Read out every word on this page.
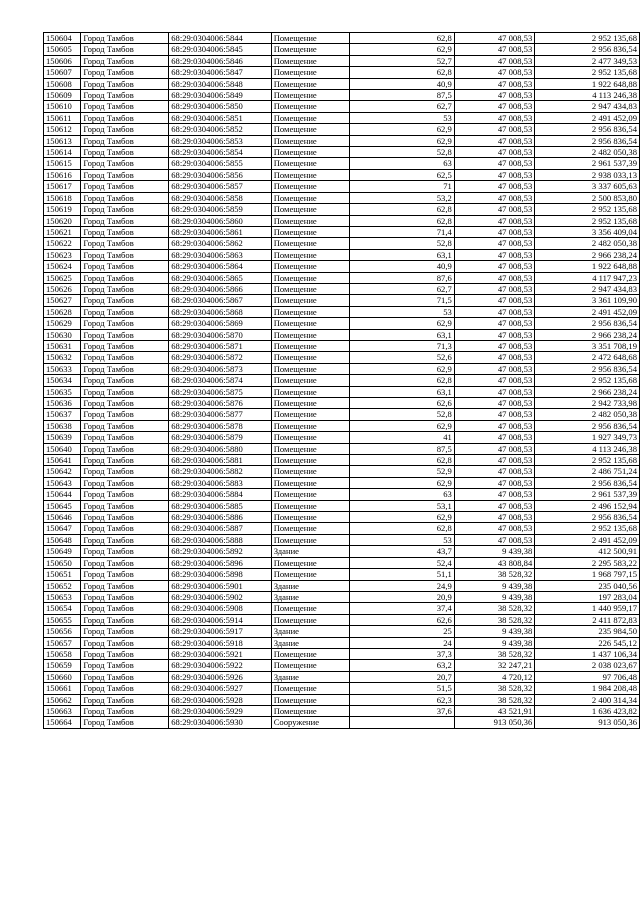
150604	Город Тамбов	68:29:0304006:5844	Помещение	62,8	47 008,53	2 952 135,68
150605	Город Тамбов	68:29:0304006:5845	Помещение	62,9	47 008,53	2 956 836,54
150606	Город Тамбов	68:29:0304006:5846	Помещение	52,7	47 008,53	2 477 349,53
150607	Город Тамбов	68:29:0304006:5847	Помещение	62,8	47 008,53	2 952 135,68
150608	Город Тамбов	68:29:0304006:5848	Помещение	40,9	47 008,53	1 922 648,88
150609	Город Тамбов	68:29:0304006:5849	Помещение	87,5	47 008,53	4 113 246,38
150610	Город Тамбов	68:29:0304006:5850	Помещение	62,7	47 008,53	2 947 434,83
150611	Город Тамбов	68:29:0304006:5851	Помещение	53	47 008,53	2 491 452,09
150612	Город Тамбов	68:29:0304006:5852	Помещение	62,9	47 008,53	2 956 836,54
150613	Город Тамбов	68:29:0304006:5853	Помещение	62,9	47 008,53	2 956 836,54
150614	Город Тамбов	68:29:0304006:5854	Помещение	52,8	47 008,53	2 482 050,38
150615	Город Тамбов	68:29:0304006:5855	Помещение	63	47 008,53	2 961 537,39
150616	Город Тамбов	68:29:0304006:5856	Помещение	62,5	47 008,53	2 938 033,13
150617	Город Тамбов	68:29:0304006:5857	Помещение	71	47 008,53	3 337 605,63
150618	Город Тамбов	68:29:0304006:5858	Помещение	53,2	47 008,53	2 500 853,80
150619	Город Тамбов	68:29:0304006:5859	Помещение	62,8	47 008,53	2 952 135,68
150620	Город Тамбов	68:29:0304006:5860	Помещение	62,8	47 008,53	2 952 135,68
150621	Город Тамбов	68:29:0304006:5861	Помещение	71,4	47 008,53	3 356 409,04
150622	Город Тамбов	68:29:0304006:5862	Помещение	52,8	47 008,53	2 482 050,38
150623	Город Тамбов	68:29:0304006:5863	Помещение	63,1	47 008,53	2 966 238,24
150624	Город Тамбов	68:29:0304006:5864	Помещение	40,9	47 008,53	1 922 648,88
150625	Город Тамбов	68:29:0304006:5865	Помещение	87,6	47 008,53	4 117 947,23
150626	Город Тамбов	68:29:0304006:5866	Помещение	62,7	47 008,53	2 947 434,83
150627	Город Тамбов	68:29:0304006:5867	Помещение	71,5	47 008,53	3 361 109,90
150628	Город Тамбов	68:29:0304006:5868	Помещение	53	47 008,53	2 491 452,09
150629	Город Тамбов	68:29:0304006:5869	Помещение	62,9	47 008,53	2 956 836,54
150630	Город Тамбов	68:29:0304006:5870	Помещение	63,1	47 008,53	2 966 238,24
150631	Город Тамбов	68:29:0304006:5871	Помещение	71,3	47 008,53	3 351 708,19
150632	Город Тамбов	68:29:0304006:5872	Помещение	52,6	47 008,53	2 472 648,68
150633	Город Тамбов	68:29:0304006:5873	Помещение	62,9	47 008,53	2 956 836,54
150634	Город Тамбов	68:29:0304006:5874	Помещение	62,8	47 008,53	2 952 135,68
150635	Город Тамбов	68:29:0304006:5875	Помещение	63,1	47 008,53	2 966 238,24
150636	Город Тамбов	68:29:0304006:5876	Помещение	62,6	47 008,53	2 942 733,98
150637	Город Тамбов	68:29:0304006:5877	Помещение	52,8	47 008,53	2 482 050,38
150638	Город Тамбов	68:29:0304006:5878	Помещение	62,9	47 008,53	2 956 836,54
150639	Город Тамбов	68:29:0304006:5879	Помещение	41	47 008,53	1 927 349,73
150640	Город Тамбов	68:29:0304006:5880	Помещение	87,5	47 008,53	4 113 246,38
150641	Город Тамбов	68:29:0304006:5881	Помещение	62,8	47 008,53	2 952 135,68
150642	Город Тамбов	68:29:0304006:5882	Помещение	52,9	47 008,53	2 486 751,24
150643	Город Тамбов	68:29:0304006:5883	Помещение	62,9	47 008,53	2 956 836,54
150644	Город Тамбов	68:29:0304006:5884	Помещение	63	47 008,53	2 961 537,39
150645	Город Тамбов	68:29:0304006:5885	Помещение	53,1	47 008,53	2 496 152,94
150646	Город Тамбов	68:29:0304006:5886	Помещение	62,9	47 008,53	2 956 836,54
150647	Город Тамбов	68:29:0304006:5887	Помещение	62,8	47 008,53	2 952 135,68
150648	Город Тамбов	68:29:0304006:5888	Помещение	53	47 008,53	2 491 452,09
150649	Город Тамбов	68:29:0304006:5892	Здание	43,7	9 439,38	412 500,91
150650	Город Тамбов	68:29:0304006:5896	Помещение	52,4	43 808,84	2 295 583,22
150651	Город Тамбов	68:29:0304006:5898	Помещение	51,1	38 528,32	1 968 797,15
150652	Город Тамбов	68:29:0304006:5901	Здание	24,9	9 439,38	235 040,56
150653	Город Тамбов	68:29:0304006:5902	Здание	20,9	9 439,38	197 283,04
150654	Город Тамбов	68:29:0304006:5908	Помещение	37,4	38 528,32	1 440 959,17
150655	Город Тамбов	68:29:0304006:5914	Помещение	62,6	38 528,32	2 411 872,83
150656	Город Тамбов	68:29:0304006:5917	Здание	25	9 439,38	235 984,50
150657	Город Тамбов	68:29:0304006:5918	Здание	24	9 439,38	226 545,12
150658	Город Тамбов	68:29:0304006:5921	Помещение	37,3	38 528,32	1 437 106,34
150659	Город Тамбов	68:29:0304006:5922	Помещение	63,2	32 247,21	2 038 023,67
150660	Город Тамбов	68:29:0304006:5926	Здание	20,7	4 720,12	97 706,48
150661	Город Тамбов	68:29:0304006:5927	Помещение	51,5	38 528,32	1 984 208,48
150662	Город Тамбов	68:29:0304006:5928	Помещение	62,3	38 528,32	2 400 314,34
150663	Город Тамбов	68:29:0304006:5929	Помещение	37,6	43 521,91	1 636 423,82
150664	Город Тамбов	68:29:0304006:5930	Сооружение		913 050,36	913 050,36
